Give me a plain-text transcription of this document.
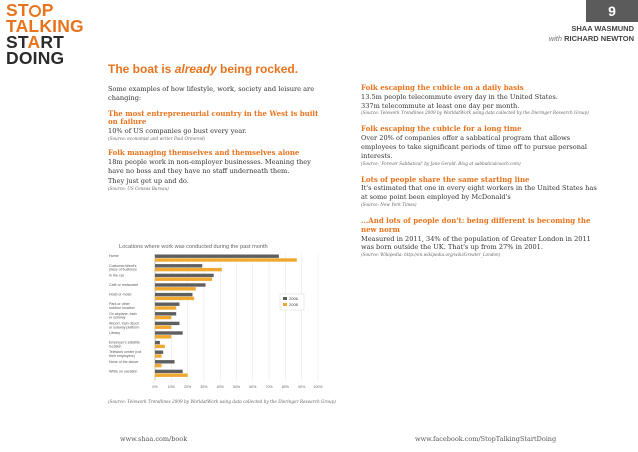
ST P
TALKING
START
DOING
9
SHAA WASMUND
with RICHARD NEWTON
The boat is already being rocked.

Some examples of how lifestyle, work, society and leisure are changing:

The most entrepreneurial country in the West is built on failure

10% of US companies go bust every year.

(Source: economist and writer Paul Ormerod)

Folk managing themselves and themselves alone

18m people work in non-employer businesses. Meaning they have no boss and they have no staff underneath them.

They just get up and do.

(Source: US Census Bureau)

Folk escaping the cubicle on a daily basis

13.5m people telecommute every day in the United States.

337m telecommute at least one day per month.

(Source: Telework Trendlines 2009 by WorldatWork using data collected by the Dieringer Research Group)

Folk escaping the cubicle for a long time

Over 20% of companies offer a sabbatical program that allows employees to take significant periods of time off to pursue personal interests.

(Source: 'Forever Sabbatical' by Jane Gerald. Blog at sabbaticalcoach.com)

Lots of people share the same starting line

It's estimated that one in every eight workers in the United States has at some point been employed by McDonald's

(Source: New York Times)

...And lots of people don't: being different is becoming the new norm

Measured in 2011, 34% of the population of Greater London in 2011 was born outside the UK. That's up from 27% in 2001.

(Source: Wikipedia: http://en.wikipedia.org/wiki/Greater_London)

Locations where work was conducted during the past month
0%	10%	20%	30%	40%	50%	60%	70%	80%	90% 100%
Home
Customer/client's place of business
In the car
Café or restaurant
Hotel or motel
Park or other outdoor location
On airplane, train or subway
Airport, train depot or subway platform
Library
Employer's satellite location
Telework center (not their employers)
None of the above
While on vacation
2006
2008
(Source: Telework Trendlines 2009 by WorldatWork using data collected by the Dieringer Research Group)
www.shaa.com/book	www.facebook.com/StopTalkingStartDoing
